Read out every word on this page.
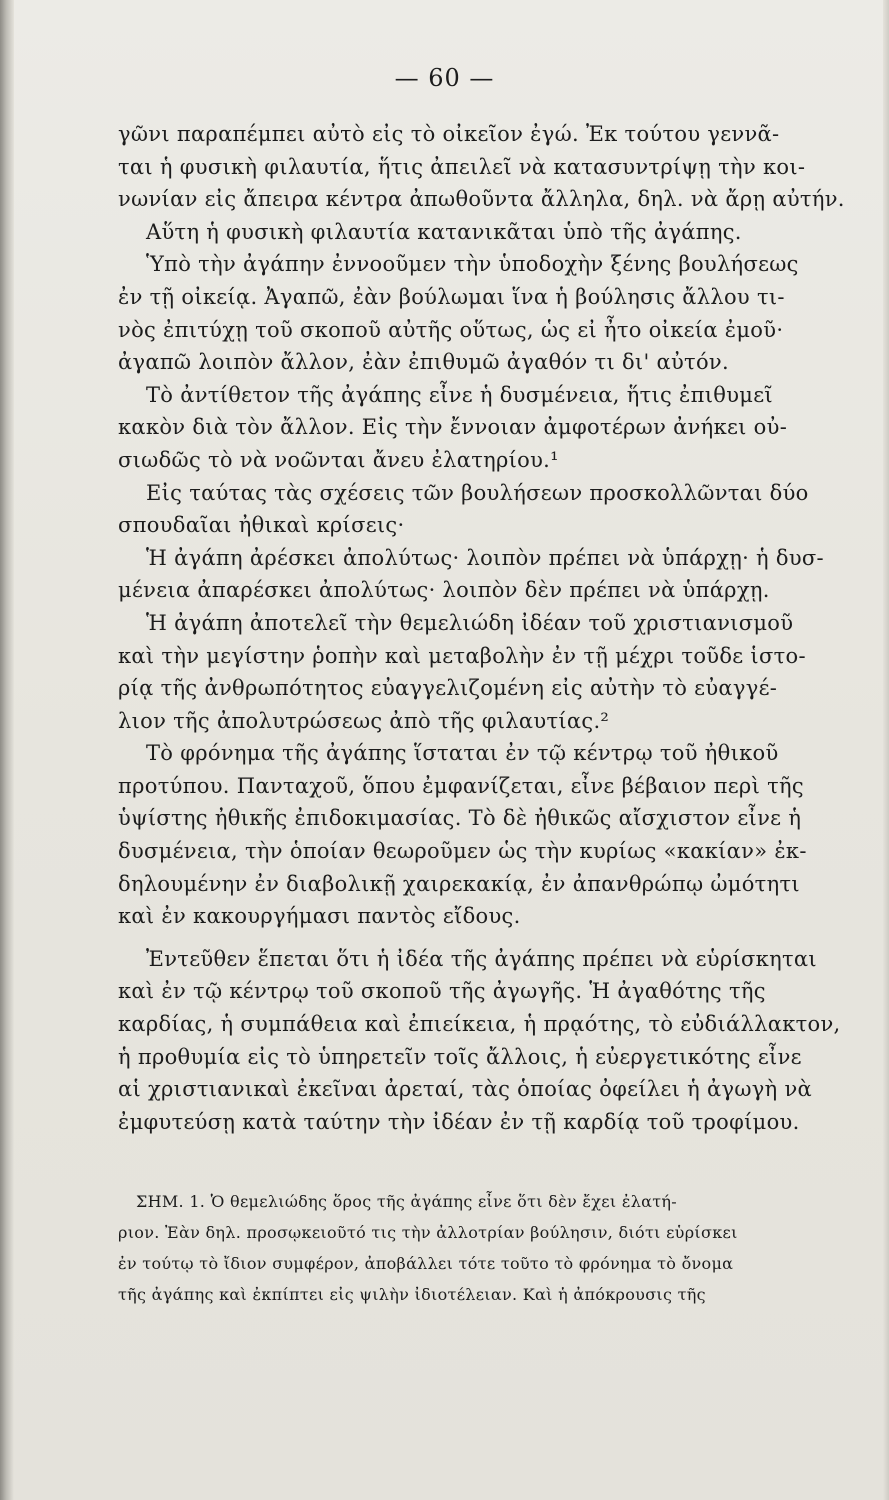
— 60 —
γῶνι παραπέμπει αὐτὸ εἰς τὸ οἰκεῖον ἐγώ. Ἐκ τούτου γεννᾶ-
ται ἡ φυσικὴ φιλαυτία, ἥτις ἀπειλεῖ νὰ κατασυντρίψῃ τὴν κοι-
νωνίαν εἰς ἄπειρα κέντρα ἀπωθοῦντα ἄλληλα, δηλ. νὰ ἄρῃ αὐτήν.
Αὕτη ἡ φυσικὴ φιλαυτία κατανικᾶται ὑπὸ τῆς ἀγάπης.
Ὑπὸ τὴν ἀγάπην ἐννοοῦμεν τὴν ὑποδοχὴν ξένης βουλήσεως
ἐν τῇ οἰκείᾳ. Ἀγαπῶ, ἐὰν βούλωμαι ἵνα ἡ βούλησις ἄλλου τι-
νὸς ἐπιτύχῃ τοῦ σκοποῦ αὐτῆς οὕτως, ὡς εἰ ἦτο οἰκεία ἐμοῦ·
ἀγαπῶ λοιπὸν ἄλλον, ἐὰν ἐπιθυμῶ ἀγαθόν τι δι' αὐτόν.
Τὸ ἀντίθετον τῆς ἀγάπης εἶνε ἡ δυσμένεια, ἥτις ἐπιθυμεῖ
κακὸν διὰ τὸν ἄλλον. Εἰς τὴν ἔννοιαν ἀμφοτέρων ἀνήκει οὐ-
σιωδῶς τὸ νὰ νοῶνται ἄνευ ἐλατηρίου.¹
Εἰς ταύτας τὰς σχέσεις τῶν βουλήσεων προσκολλῶνται δύο
σπουδαῖαι ἠθικαὶ κρίσεις·
Ἡ ἀγάπη ἀρέσκει ἀπολύτως· λοιπὸν πρέπει νὰ ὑπάρχῃ· ἡ δυσ-
μένεια ἀπαρέσκει ἀπολύτως· λοιπὸν δὲν πρέπει νὰ ὑπάρχῃ.
Ἡ ἀγάπη ἀποτελεῖ τὴν θεμελιώδη ἰδέαν τοῦ χριστιανισμοῦ
καὶ τὴν μεγίστην ῥοπὴν καὶ μεταβολὴν ἐν τῇ μέχρι τοῦδε ἱστο-
ρίᾳ τῆς ἀνθρωπότητος εὐαγγελιζομένη εἰς αὐτὴν τὸ εὐαγγέ-
λιον τῆς ἀπολυτρώσεως ἀπὸ τῆς φιλαυτίας.²
Τὸ φρόνημα τῆς ἀγάπης ἵσταται ἐν τῷ κέντρῳ τοῦ ἠθικοῦ
προτύπου. Πανταχοῦ, ὅπου ἐμφανίζεται, εἶνε βέβαιον περὶ τῆς
ὑψίστης ἠθικῆς ἐπιδοκιμασίας. Τὸ δὲ ἠθικῶς αἴσχιστον εἶνε ἡ
δυσμένεια, τὴν ὁποίαν θεωροῦμεν ὡς τὴν κυρίως «κακίαν» ἐκ-
δηλουμένην ἐν διαβολικῇ χαιρεκακίᾳ, ἐν ἀπανθρώπῳ ὠμότητι
καὶ ἐν κακουργήμασι παντὸς εἴδους.
Ἐντεῦθεν ἕπεται ὅτι ἡ ἰδέα τῆς ἀγάπης πρέπει νὰ εὑρίσκηται
καὶ ἐν τῷ κέντρῳ τοῦ σκοποῦ τῆς ἀγωγῆς. Ἡ ἀγαθότης τῆς
καρδίας, ἡ συμπάθεια καὶ ἐπιείκεια, ἡ πρᾳότης, τὸ εὐδιάλλακτον,
ἡ προθυμία εἰς τὸ ὑπηρετεῖν τοῖς ἄλλοις, ἡ εὐεργετικότης εἶνε
αἱ χριστιανικαὶ ἐκεῖναι ἀρεταί, τὰς ὁποίας ὀφείλει ἡ ἀγωγὴ νὰ
ἐμφυτεύσῃ κατὰ ταύτην τὴν ἰδέαν ἐν τῇ καρδίᾳ τοῦ τροφίμου.
ΣΗΜ. 1. Ὁ θεμελιώδης ὅρος τῆς ἀγάπης εἶνε ὅτι δὲν ἔχει ἐλατή-
ριον. Ἐὰν δηλ. προσῳκειοῦτό τις τὴν ἀλλοτρίαν βούλησιν, διότι εὑρίσκει
ἐν τούτῳ τὸ ἴδιον συμφέρον, ἀποβάλλει τότε τοῦτο τὸ φρόνημα τὸ ὄνομα
τῆς ἀγάπης καὶ ἐκπίπτει εἰς ψιλὴν ἰδιοτέλειαν. Καὶ ἡ ἀπόκρουσις τῆς
